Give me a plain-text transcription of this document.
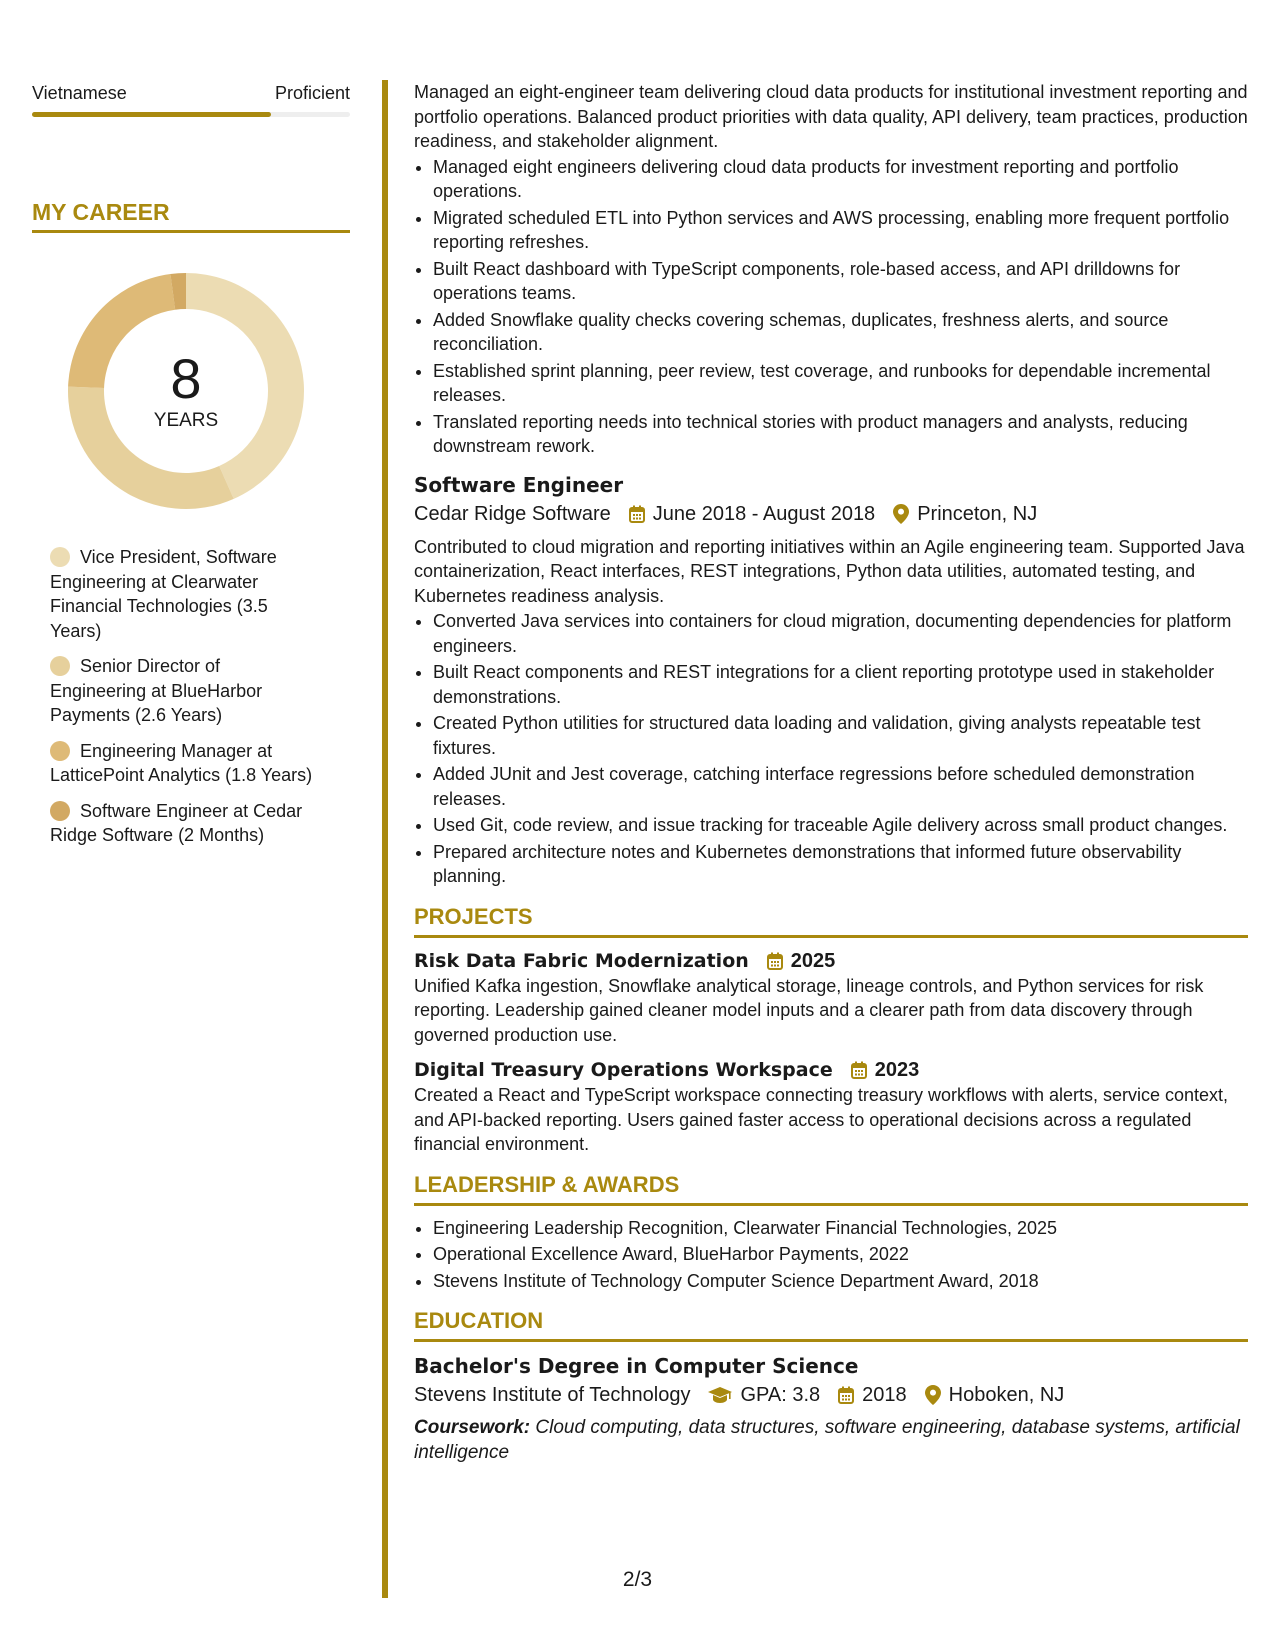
Vietnamese	Proficient
MY CAREER
8
YEARS
Vice President, Software Engineering at Clearwater Financial Technologies (3.5 Years)
Senior Director of Engineering at BlueHarbor Payments (2.6 Years)
Engineering Manager at LatticePoint Analytics (1.8 Years)
Software Engineer at Cedar Ridge Software (2 Months)

Managed an eight-engineer team delivering cloud data products for institutional investment reporting and portfolio operations. Balanced product priorities with data quality, API delivery, team practices, production readiness, and stakeholder alignment.

• Managed eight engineers delivering cloud data products for investment reporting and portfolio operations.
• Migrated scheduled ETL into Python services and AWS processing, enabling more frequent portfolio reporting refreshes.
• Built React dashboard with TypeScript components, role-based access, and API drilldowns for operations teams.
• Added Snowflake quality checks covering schemas, duplicates, freshness alerts, and source reconciliation.
• Established sprint planning, peer review, test coverage, and runbooks for dependable incremental releases.
• Translated reporting needs into technical stories with product managers and analysts, reducing downstream rework.
Software Engineer
Cedar Ridge Software June 2018 - August 2018 Princeton, NJ

Contributed to cloud migration and reporting initiatives within an Agile engineering team. Supported Java containerization, React interfaces, REST integrations, Python data utilities, automated testing, and Kubernetes readiness analysis.

• Converted Java services into containers for cloud migration, documenting dependencies for platform engineers.
• Built React components and REST integrations for a client reporting prototype used in stakeholder demonstrations.
• Created Python utilities for structured data loading and validation, giving analysts repeatable test fixtures.
• Added JUnit and Jest coverage, catching interface regressions before scheduled demonstration releases.
• Used Git, code review, and issue tracking for traceable Agile delivery across small product changes.
• Prepared architecture notes and Kubernetes demonstrations that informed future observability planning.
PROJECTS
Risk Data Fabric Modernization 2025

Unified Kafka ingestion, Snowflake analytical storage, lineage controls, and Python services for risk reporting. Leadership gained cleaner model inputs and a clearer path from data discovery through governed production use.

Digital Treasury Operations Workspace 2023

Created a React and TypeScript workspace connecting treasury workflows with alerts, service context, and API-backed reporting. Users gained faster access to operational decisions across a regulated financial environment.

LEADERSHIP & AWARDS
• Engineering Leadership Recognition, Clearwater Financial Technologies, 2025
• Operational Excellence Award, BlueHarbor Payments, 2022
• Stevens Institute of Technology Computer Science Department Award, 2018
EDUCATION
Bachelor's Degree in Computer Science
Stevens Institute of Technology	GPA: 3.8 2018 Hoboken, NJ
Coursework: Cloud computing, data structures, software engineering, database systems, artificial intelligence
2/3
